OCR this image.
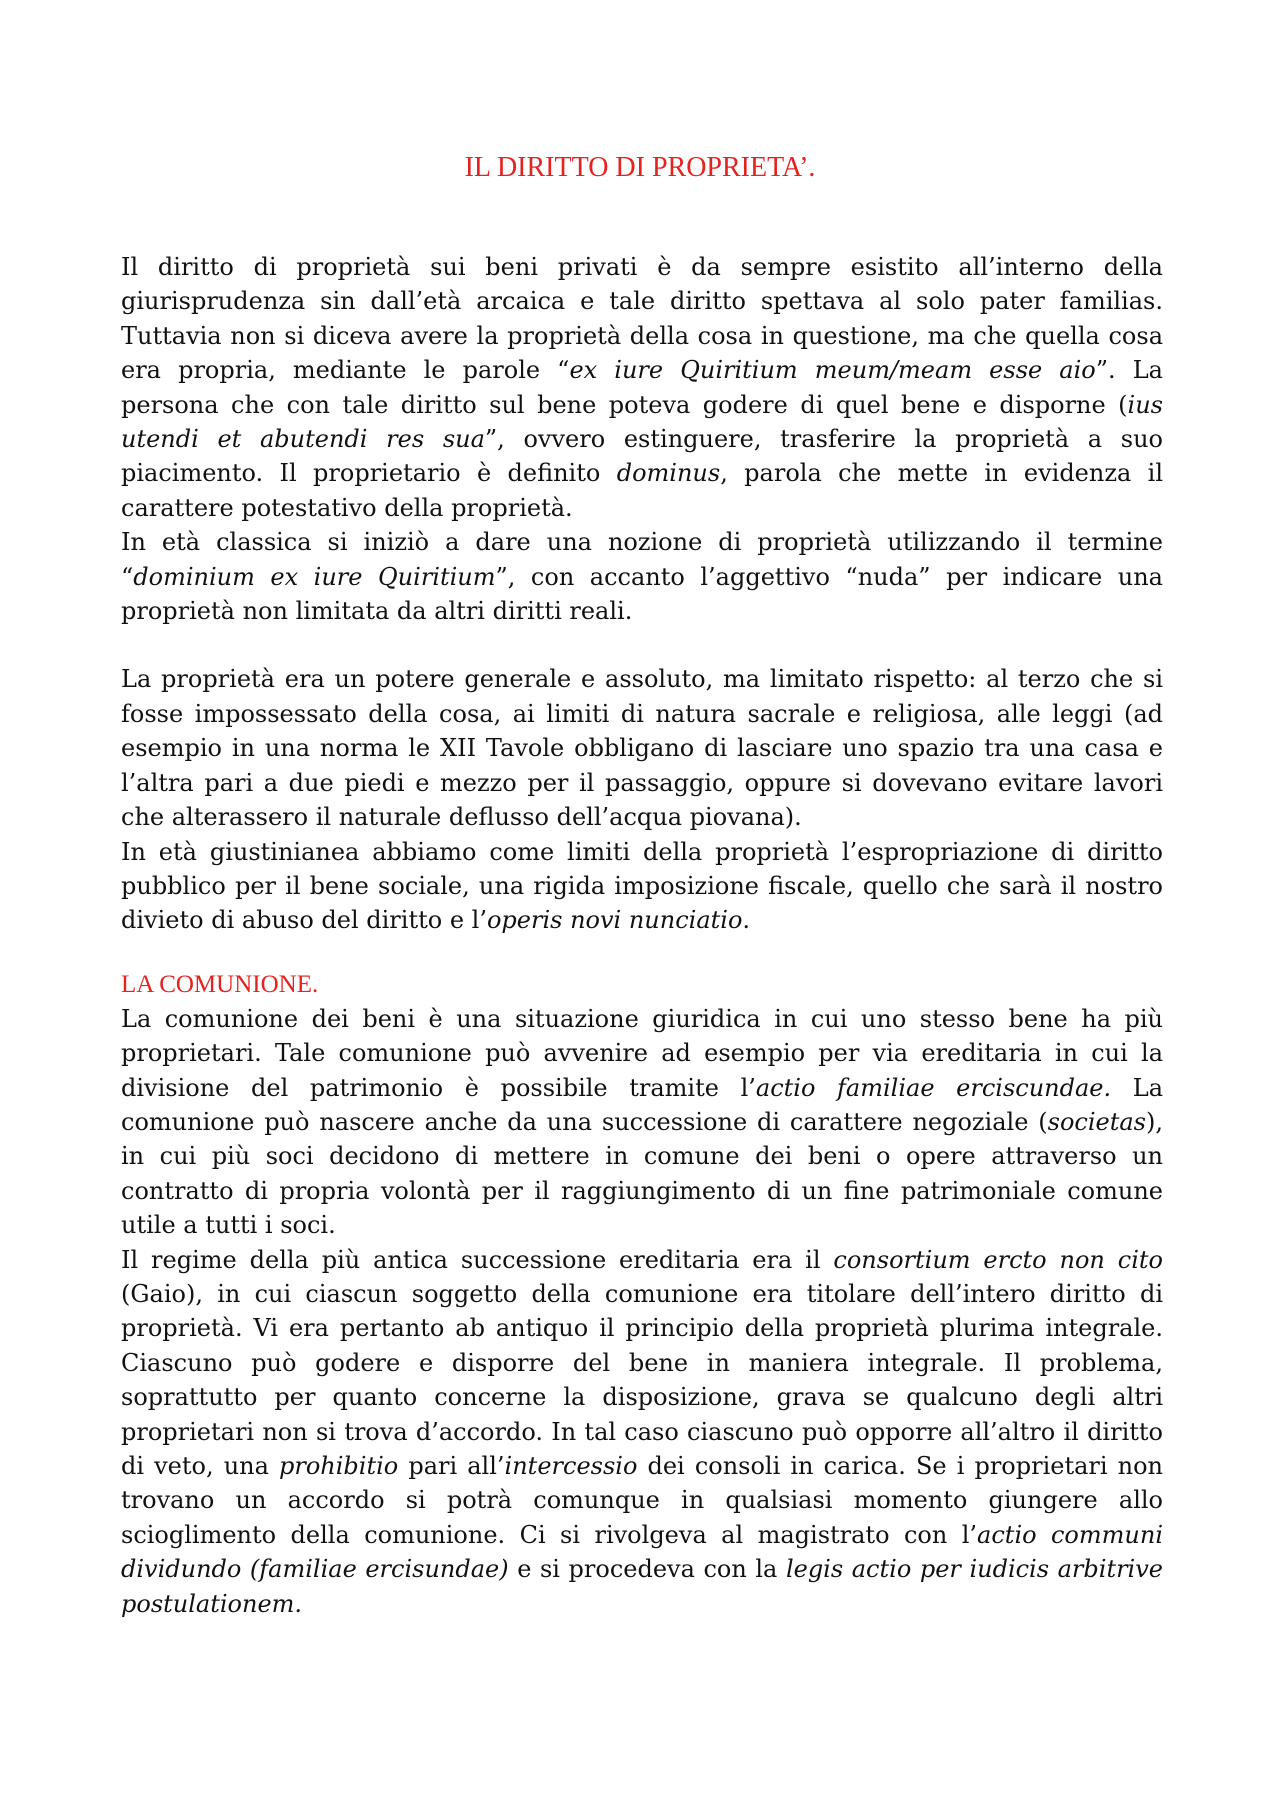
IL DIRITTO DI PROPRIETA’.

Il diritto di proprietà sui beni privati è da sempre esistito all’interno della giurisprudenza sin dall’età arcaica e tale diritto spettava al solo pater familias. Tuttavia non si diceva avere la proprietà della cosa in questione, ma che quella cosa era propria, mediante le parole “ex iure Quiritium meum/meam esse aio”. La persona che con tale diritto sul bene poteva godere di quel bene e disporne (ius utendi et abutendi res sua”, ovvero estinguere, trasferire la proprietà a suo piacimento. Il proprietario è definito dominus, parola che mette in evidenza il carattere potestativo della proprietà.

In età classica si iniziò a dare una nozione di proprietà utilizzando il termine “dominium ex iure Quiritium”, con accanto l’aggettivo “nuda” per indicare una proprietà non limitata da altri diritti reali.

La proprietà era un potere generale e assoluto, ma limitato rispetto: al terzo che si fosse impossessato della cosa, ai limiti di natura sacrale e religiosa, alle leggi (ad esempio in una norma le XII Tavole obbligano di lasciare uno spazio tra una casa e l’altra pari a due piedi e mezzo per il passaggio, oppure si dovevano evitare lavori che alterassero il naturale deflusso dell’acqua piovana).

In età giustinianea abbiamo come limiti della proprietà l’espropriazione di diritto pubblico per il bene sociale, una rigida imposizione fiscale, quello che sarà il nostro divieto di abuso del diritto e l’operis novi nunciatio.

LA COMUNIONE.

La comunione dei beni è una situazione giuridica in cui uno stesso bene ha più proprietari. Tale comunione può avvenire ad esempio per via ereditaria in cui la divisione del patrimonio è possibile tramite l’actio familiae erciscundae. La comunione può nascere anche da una successione di carattere negoziale (societas), in cui più soci decidono di mettere in comune dei beni o opere attraverso un contratto di propria volontà per il raggiungimento di un fine patrimoniale comune utile a tutti i soci.

Il regime della più antica successione ereditaria era il consortium ercto non cito (Gaio), in cui ciascun soggetto della comunione era titolare dell’intero diritto di proprietà. Vi era pertanto ab antiquo il principio della proprietà plurima integrale. Ciascuno può godere e disporre del bene in maniera integrale. Il problema, soprattutto per quanto concerne la disposizione, grava se qualcuno degli altri proprietari non si trova d’accordo. In tal caso ciascuno può opporre all’altro il diritto di veto, una prohibitio pari all’intercessio dei consoli in carica. Se i proprietari non trovano un accordo si potrà comunque in qualsiasi momento giungere allo scioglimento della comunione. Ci si rivolgeva al magistrato con l’actio communi dividundo (familiae ercisundae) e si procedeva con la legis actio per iudicis arbitrive postulationem.
